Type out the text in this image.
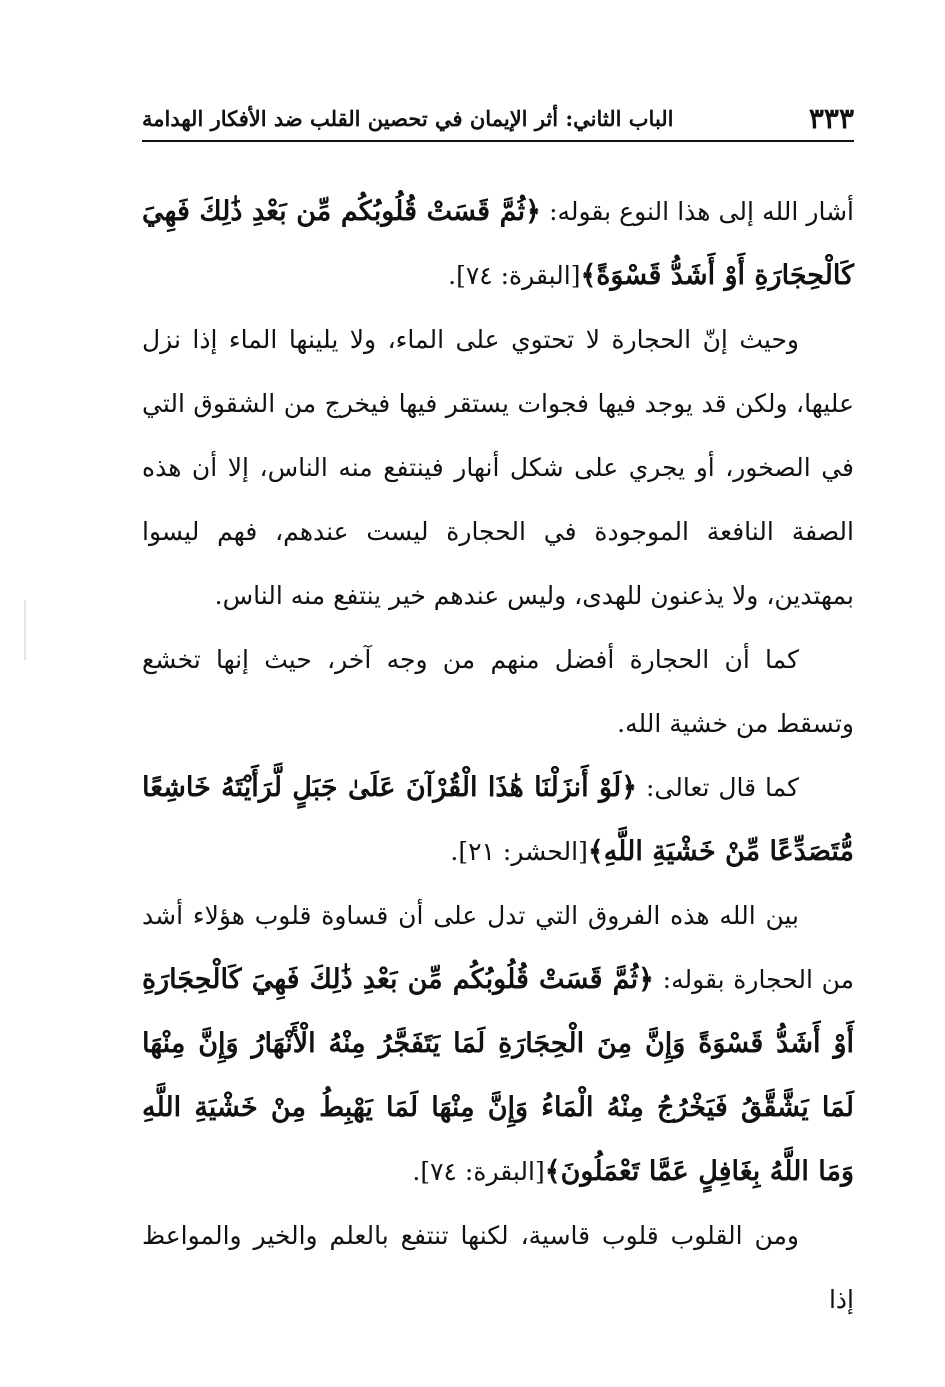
٣٣٣
الباب الثاني: أثر الإيمان في تحصين القلب ضد الأفكار الهدامة

أشار الله إلى هذا النوع بقوله: ﴿ثُمَّ قَسَتْ قُلُوبُكُم مِّن بَعْدِ ذَٰلِكَ فَهِيَ كَالْحِجَارَةِ أَوْ أَشَدُّ قَسْوَةً﴾[البقرة: ٧٤].

وحيث إنّ الحجارة لا تحتوي على الماء، ولا يلينها الماء إذا نزل عليها، ولكن قد يوجد فيها فجوات يستقر فيها فيخرج من الشقوق التي في الصخور، أو يجري على شكل أنهار فينتفع منه الناس، إلا أن هذه الصفة النافعة الموجودة في الحجارة ليست عندهم، فهم ليسوا بمهتدين، ولا يذعنون للهدى، وليس عندهم خير ينتفع منه الناس.

كما أن الحجارة أفضل منهم من وجه آخر، حيث إنها تخشع وتسقط من خشية الله.

كما قال تعالى: ﴿لَوْ أَنزَلْنَا هَٰذَا الْقُرْآنَ عَلَىٰ جَبَلٍ لَّرَأَيْتَهُ خَاشِعًا مُّتَصَدِّعًا مِّنْ خَشْيَةِ اللَّهِ﴾[الحشر: ٢١].

بين الله هذه الفروق التي تدل على أن قساوة قلوب هؤلاء أشد من الحجارة بقوله: ﴿ثُمَّ قَسَتْ قُلُوبُكُم مِّن بَعْدِ ذَٰلِكَ فَهِيَ كَالْحِجَارَةِ أَوْ أَشَدُّ قَسْوَةً وَإِنَّ مِنَ الْحِجَارَةِ لَمَا يَتَفَجَّرُ مِنْهُ الْأَنْهَارُ وَإِنَّ مِنْهَا لَمَا يَشَّقَّقُ فَيَخْرُجُ مِنْهُ الْمَاءُ وَإِنَّ مِنْهَا لَمَا يَهْبِطُ مِنْ خَشْيَةِ اللَّهِ وَمَا اللَّهُ بِغَافِلٍ عَمَّا تَعْمَلُونَ﴾[البقرة: ٧٤].

ومن القلوب قلوب قاسية، لكنها تنتفع بالعلم والخير والمواعظ إذا
